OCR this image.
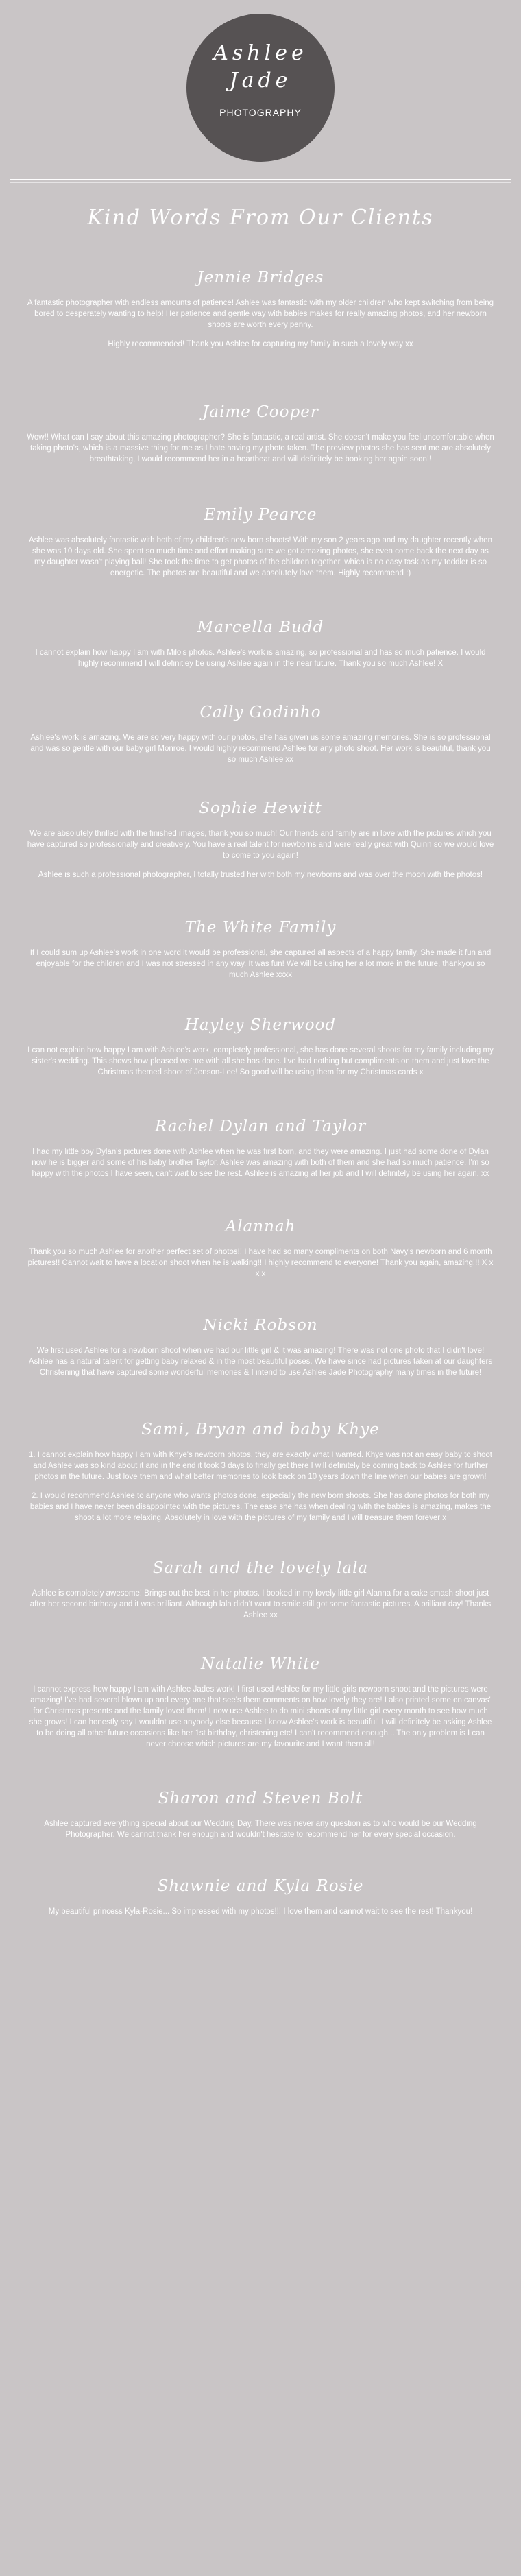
Ashlee
Jade
PHOTOGRAPHY
Kind Words From Our Clients
Jennie Bridges

A fantastic photographer with endless amounts of patience! Ashlee was fantastic with my older children who kept switching from being bored to desperately wanting to help! Her patience and gentle way with babies makes for really amazing photos, and her newborn shoots are worth every penny.

Highly recommended! Thank you Ashlee for capturing my family in such a lovely way xx

Jaime Cooper

Wow!! What can I say about this amazing photographer? She is fantastic, a real artist. She doesn't make you feel uncomfortable when taking photo's, which is a massive thing for me as I hate having my photo taken. The preview photos she has sent me are absolutely breathtaking, I would recommend her in a heartbeat and will definitely be booking her again soon!!

Emily Pearce

Ashlee was absolutely fantastic with both of my children's new born shoots! With my son 2 years ago and my daughter recently when she was 10 days old. She spent so much time and effort making sure we got amazing photos, she even come back the next day as my daughter wasn't playing ball! She took the time to get photos of the children together, which is no easy task as my toddler is so energetic. The photos are beautiful and we absolutely love them. Highly recommend :)

Marcella Budd

I cannot explain how happy I am with Milo's photos. Ashlee's work is amazing, so professional and has so much patience. I would highly recommend I will definitley be using Ashlee again in the near future. Thank you so much Ashlee! X

Cally Godinho

Ashlee's work is amazing. We are so very happy with our photos, she has given us some amazing memories. She is so professional and was so gentle with our baby girl Monroe. I would highly recommend Ashlee for any photo shoot. Her work is beautiful, thank you so much Ashlee xx

Sophie Hewitt

We are absolutely thrilled with the finished images, thank you so much! Our friends and family are in love with the pictures which you have captured so professionally and creatively. You have a real talent for newborns and were really great with Quinn so we would love to come to you again!

Ashlee is such a professional photographer, I totally trusted her with both my newborns and was over the moon with the photos!

The White Family

If I could sum up Ashlee's work in one word it would be professional, she captured all aspects of a happy family. She made it fun and enjoyable for the children and I was not stressed in any way. It was fun! We will be using her a lot more in the future, thankyou so much Ashlee xxxx

Hayley Sherwood

I can not explain how happy I am with Ashlee's work, completely professional, she has done several shoots for my family including my sister's wedding. This shows how pleased we are with all she has done. I've had nothing but compliments on them and just love the Christmas themed shoot of Jenson-Lee! So good will be using them for my Christmas cards x

Rachel Dylan and Taylor

I had my little boy Dylan's pictures done with Ashlee when he was first born, and they were amazing. I just had some done of Dylan now he is bigger and some of his baby brother Taylor. Ashlee was amazing with both of them and she had so much patience. I'm so happy with the photos I have seen, can't wait to see the rest. Ashlee is amazing at her job and I will definitely be using her again. xx

Alannah

Thank you so much Ashlee for another perfect set of photos!! I have had so many compliments on both Navy's newborn and 6 month pictures!! Cannot wait to have a location shoot when he is walking!! I highly recommend to everyone! Thank you again, amazing!!! X x x x

Nicki Robson

We first used Ashlee for a newborn shoot when we had our little girl & it was amazing! There was not one photo that I didn't love! Ashlee has a natural talent for getting baby relaxed & in the most beautiful poses. We have since had pictures taken at our daughters Christening that have captured some wonderful memories & I intend to use Ashlee Jade Photography many times in the future!

Sami, Bryan and baby Khye

1. I cannot explain how happy I am with Khye's newborn photos, they are exactly what I wanted. Khye was not an easy baby to shoot and Ashlee was so kind about it and in the end it took 3 days to finally get there I will definitely be coming back to Ashlee for further photos in the future. Just love them and what better memories to look back on 10 years down the line when our babies are grown!

2. I would recommend Ashlee to anyone who wants photos done, especially the new born shoots. She has done photos for both my babies and I have never been disappointed with the pictures. The ease she has when dealing with the babies is amazing, makes the shoot a lot more relaxing. Absolutely in love with the pictures of my family and I will treasure them forever x

Sarah and the lovely lala

Ashlee is completely awesome! Brings out the best in her photos. I booked in my lovely little girl Alanna for a cake smash shoot just after her second birthday and it was brilliant. Although lala didn't want to smile still got some fantastic pictures. A brilliant day! Thanks Ashlee xx

Natalie White

I cannot express how happy I am with Ashlee Jades work! I first used Ashlee for my little girls newborn shoot and the pictures were amazing! I've had several blown up and every one that see's them comments on how lovely they are! I also printed some on canvas' for Christmas presents and the family loved them! I now use Ashlee to do mini shoots of my little girl every month to see how much she grows! I can honestly say I wouldnt use anybody else because I know Ashlee's work is beautiful! I will definitely be asking Ashlee to be doing all other future occasions like her 1st birthday, christening etc! I can't recommend enough... The only problem is I can never choose which pictures are my favourite and I want them all!

Sharon and Steven Bolt

Ashlee captured everything special about our Wedding Day. There was never any question as to who would be our Wedding Photographer. We cannot thank her enough and wouldn't hesitate to recommend her for every special occasion.

Shawnie and Kyla Rosie

My beautiful princess Kyla-Rosie... So impressed with my photos!!! I love them and cannot wait to see the rest! Thankyou!
